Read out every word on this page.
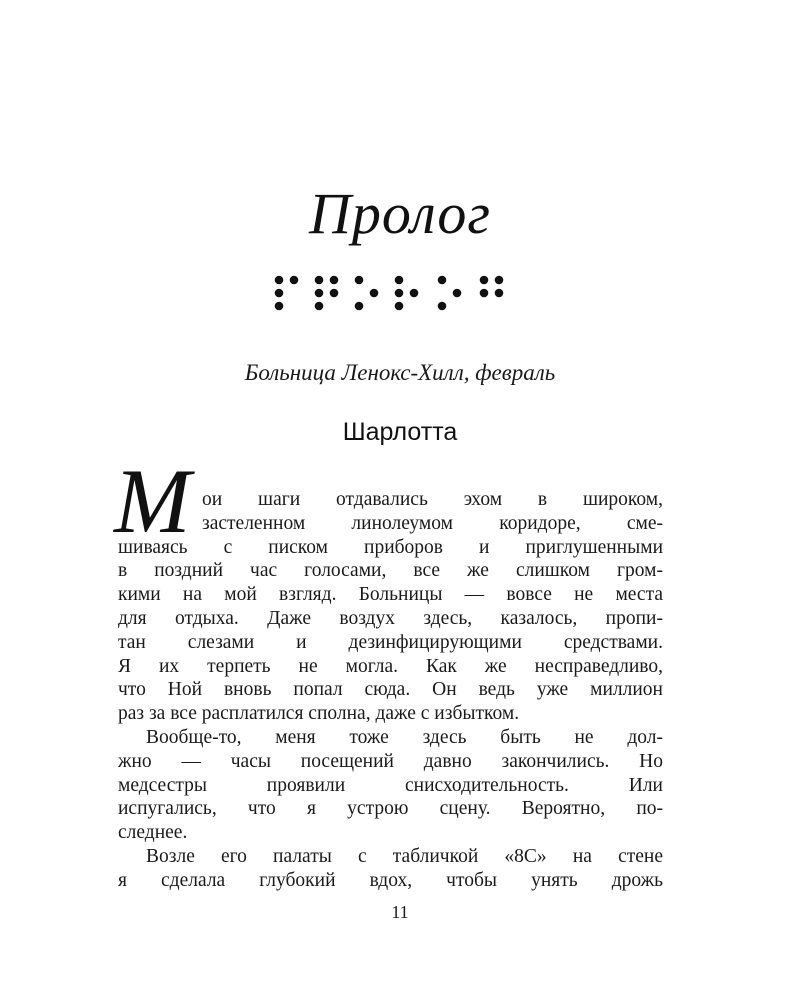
Пролог
Больница Ленокс-Хилл, февраль
Шарлотта
М ои шаги отдавались эхом в широком,
застеленном линолеумом коридоре, сме-
шиваясь с писком приборов и приглушенными
в поздний час голосами, все же слишком гром-
кими на мой взгляд. Больницы — вовсе не места
для отдыха. Даже воздух здесь, казалось, пропи-
тан слезами и дезинфицирующими средствами.
Я их терпеть не могла. Как же несправедливо,
что Ной вновь попал сюда. Он ведь уже миллион
раз за все расплатился сполна, даже с избытком.
Вообще-то, меня тоже здесь быть не дол-
жно — часы посещений давно закончились. Но
медсестры проявили снисходительность. Или
испугались, что я устрою сцену. Вероятно, по-
следнее.
Возле его палаты с табличкой «8С» на стене
я сделала глубокий вдох, чтобы унять дрожь
11
